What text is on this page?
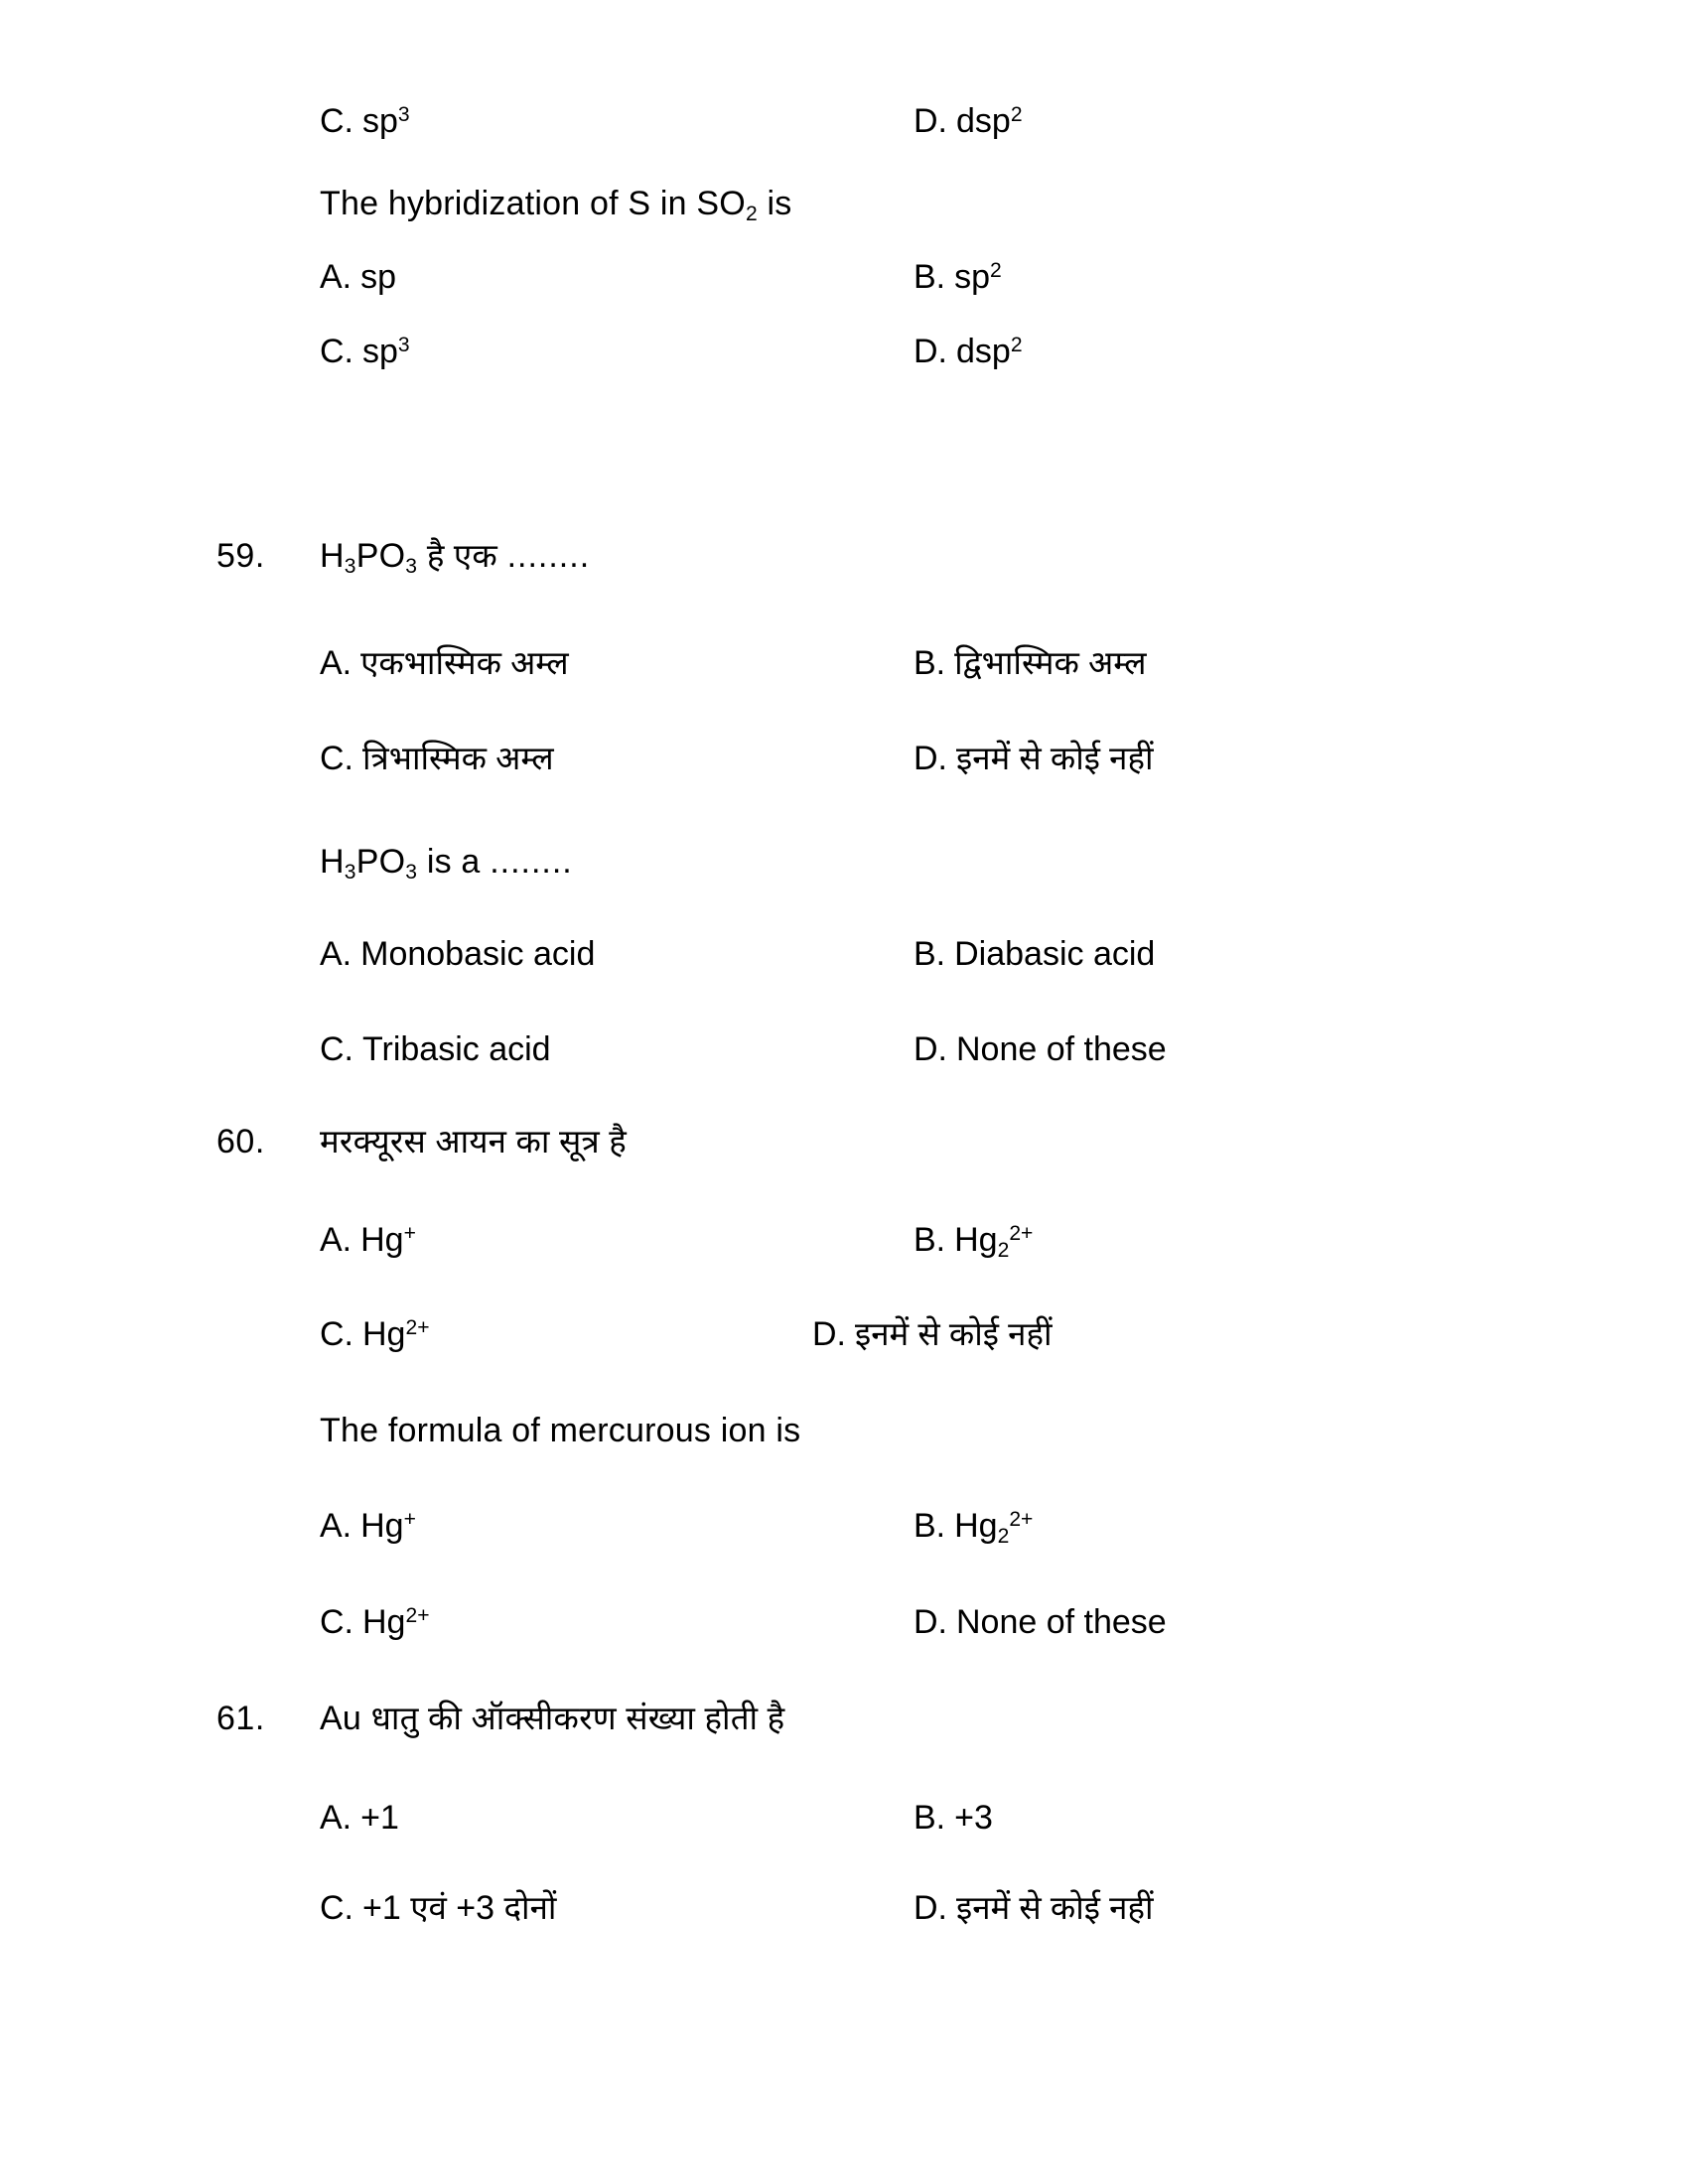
C. $sp^3$	D. dsp$^2$
The hybridization of S in $SO_2$ is
A. sp	B. $sp^2$
C. $sp^3$	D. dsp$^2$
59. $H_3PO_3$ है एक ........
A. एकभास्मिक अम्ल	B. द्विभास्मिक अम्ल
C. त्रिभास्मिक अम्ल	D. इनमें से कोई नहीं
$H_3PO_3$ is a ........
A. Monobasic acid	B. Diabasic acid
C. Tribasic acid	D. None of these
60. मरक्यूरस आयन का सूत्र है
A. Hg+	B. $Hg_2^{2+}$
C. $Hg^{2+}$	D. इनमें से कोई नहीं
The formula of mercurous ion is
A. Hg+	B. $Hg_2^{2+}$
C. $Hg^{2+}$	D. None of these
61. Au धातु की ऑक्सीकरण संख्या होती है
A. +1	B. +3
C. +1 एवं +3 दोनों	D. इनमें से कोई नहीं
